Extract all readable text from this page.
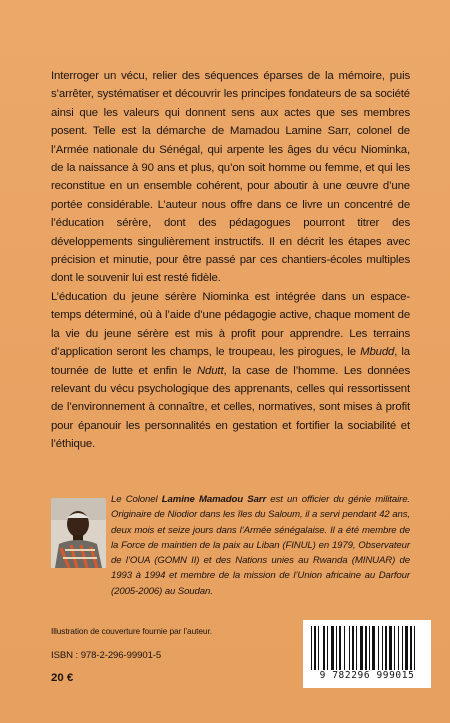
Interroger un vécu, relier des séquences éparses de la mémoire, puis s’arrêter, systématiser et découvrir les principes fondateurs de sa société ainsi que les valeurs qui donnent sens aux actes que ses membres posent. Telle est la démarche de Mamadou Lamine Sarr, colonel de l’Armée nationale du Sénégal, qui arpente les âges du vécu Niominka, de la naissance à 90 ans et plus, qu’on soit homme ou femme, et qui les reconstitue en un ensemble cohérent, pour aboutir à une œuvre d’une portée considérable. L’auteur nous offre dans ce livre un concentré de l’éducation sérère, dont des pédagogues pourront titrer des développements singulièrement instructifs. Il en décrit les étapes avec précision et minutie, pour être passé par ces chantiers-écoles multiples dont le souvenir lui est resté fidèle.

L’éducation du jeune sérère Niominka est intégrée dans un espace-temps déterminé, où à l’aide d’une pédagogie active, chaque moment de la vie du jeune sérère est mis à profit pour apprendre. Les terrains d’application seront les champs, le troupeau, les pirogues, le Mbudd, la tournée de lutte et enfin le Ndutt, la case de l’homme. Les données relevant du vécu psychologique des apprenants, celles qui ressortissent de l’environnement à connaître, et celles, normatives, sont mises à profit pour épanouir les personnalités en gestation et fortifier la sociabilité et l’éthique.

Le Colonel Lamine Mamadou Sarr est un officier du génie militaire. Originaire de Niodior dans les îles du Saloum, il a servi pendant 42 ans, deux mois et seize jours dans l’Armée sénégalaise. Il a été membre de la Force de maintien de la paix au Liban (FINUL) en 1979, Observateur de l’OUA (GOMN II) et des Nations unies au Rwanda (MINUAR) de 1993 à 1994 et membre de la mission de l’Union africaine au Darfour (2005-2006) au Soudan.
Illustration de couverture fournie par l’auteur.
ISBN : 978-2-296-99901-5
20 €	9 782296 999015
